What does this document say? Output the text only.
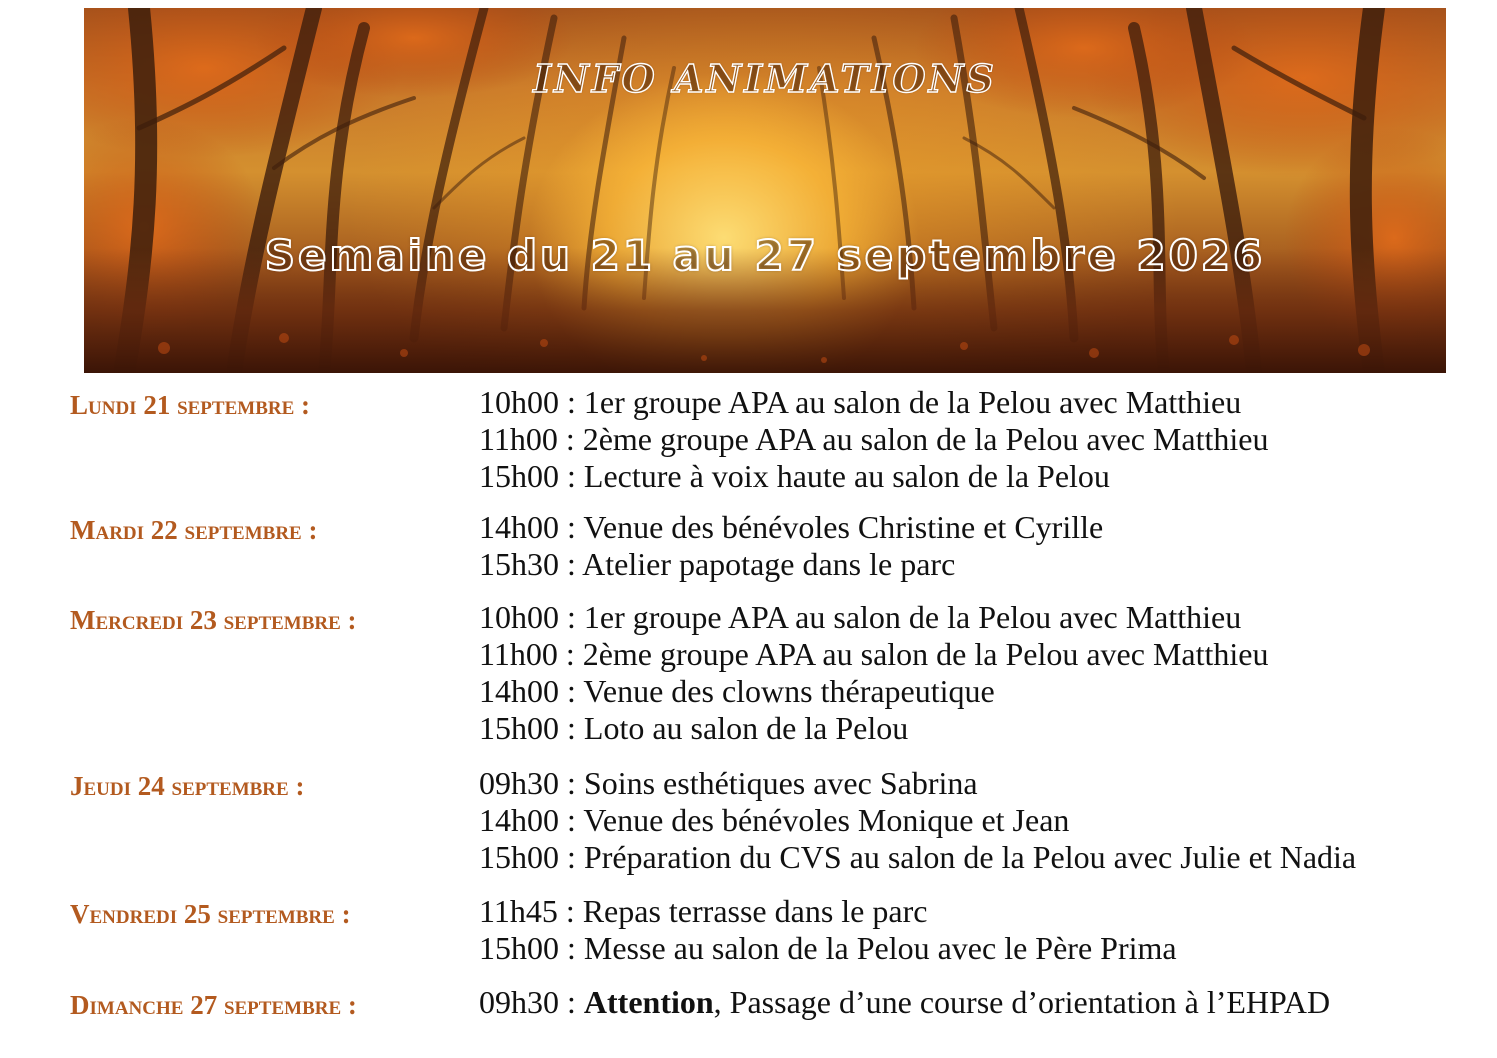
INFO ANIMATIONS
Semaine du 21 au 27 septembre 2026
Lundi 21 septembre :	10h00 : 1er groupe APA au salon de la Pelou avec Matthieu
11h00 : 2ème groupe APA au salon de la Pelou avec Matthieu
15h00 : Lecture à voix haute au salon de la Pelou
Mardi 22 septembre :	14h00 : Venue des bénévoles Christine et Cyrille
15h30 : Atelier papotage dans le parc
Mercredi 23 septembre :	10h00 : 1er groupe APA au salon de la Pelou avec Matthieu
11h00 : 2ème groupe APA au salon de la Pelou avec Matthieu
14h00 : Venue des clowns thérapeutique
15h00 : Loto au salon de la Pelou
Jeudi 24 septembre :	09h30 : Soins esthétiques avec Sabrina
14h00 : Venue des bénévoles Monique et Jean
15h00 : Préparation du CVS au salon de la Pelou avec Julie et Nadia
Vendredi 25 septembre :	11h45 : Repas terrasse dans le parc
15h00 : Messe au salon de la Pelou avec le Père Prima
Dimanche 27 septembre :	09h30 : Attention, Passage d’une course d’orientation à l’EHPAD
